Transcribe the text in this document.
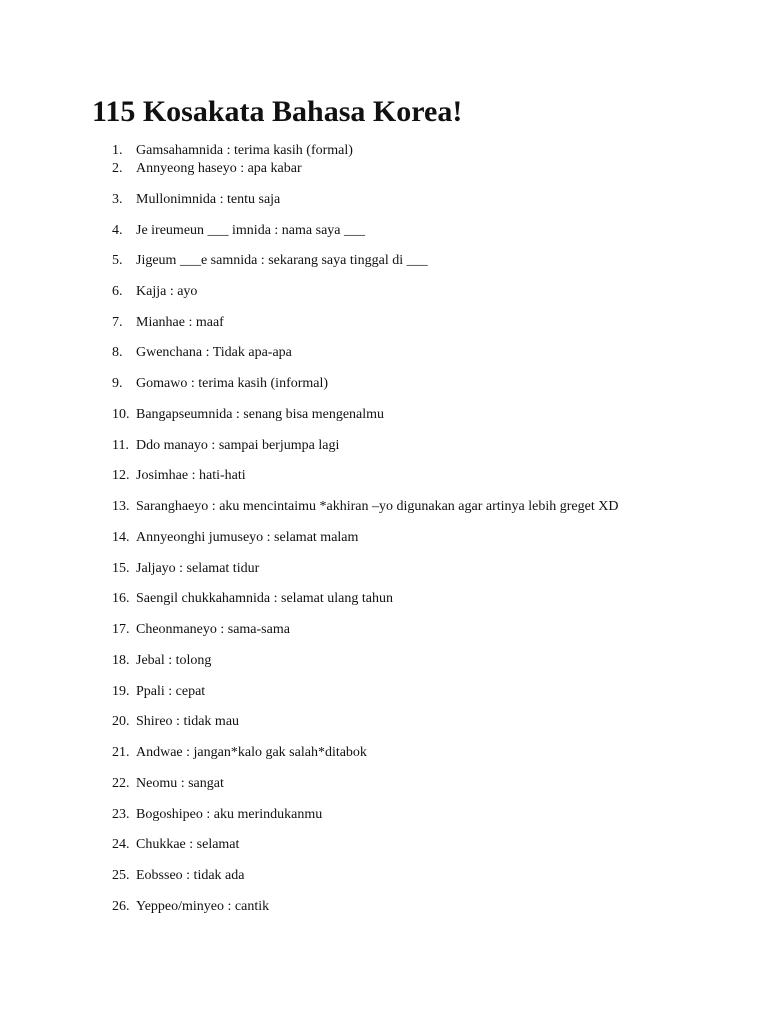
115 Kosakata Bahasa Korea!
1. Gamsahamnida : terima kasih (formal)
2. Annyeong haseyo : apa kabar
3. Mullonimnida : tentu saja
4. Je ireumeun ___ imnida : nama saya ___
5. Jigeum ___e samnida : sekarang saya tinggal di ___
6. Kajja : ayo
7. Mianhae : maaf
8. Gwenchana : Tidak apa-apa
9. Gomawo : terima kasih (informal)
10. Bangapseumnida : senang bisa mengenalmu
11. Ddo manayo : sampai berjumpa lagi
12. Josimhae : hati-hati
13. Saranghaeyo : aku mencintaimu *akhiran –yo digunakan agar artinya lebih greget XD
14. Annyeonghi jumuseyo : selamat malam
15. Jaljayo : selamat tidur
16. Saengil chukkahamnida : selamat ulang tahun
17. Cheonmaneyo : sama-sama
18. Jebal : tolong
19. Ppali : cepat
20. Shireo : tidak mau
21. Andwae : jangan*kalo gak salah*ditabok
22. Neomu : sangat
23. Bogoshipeo : aku merindukanmu
24. Chukkae : selamat
25. Eobsseo : tidak ada
26. Yeppeo/minyeo : cantik
